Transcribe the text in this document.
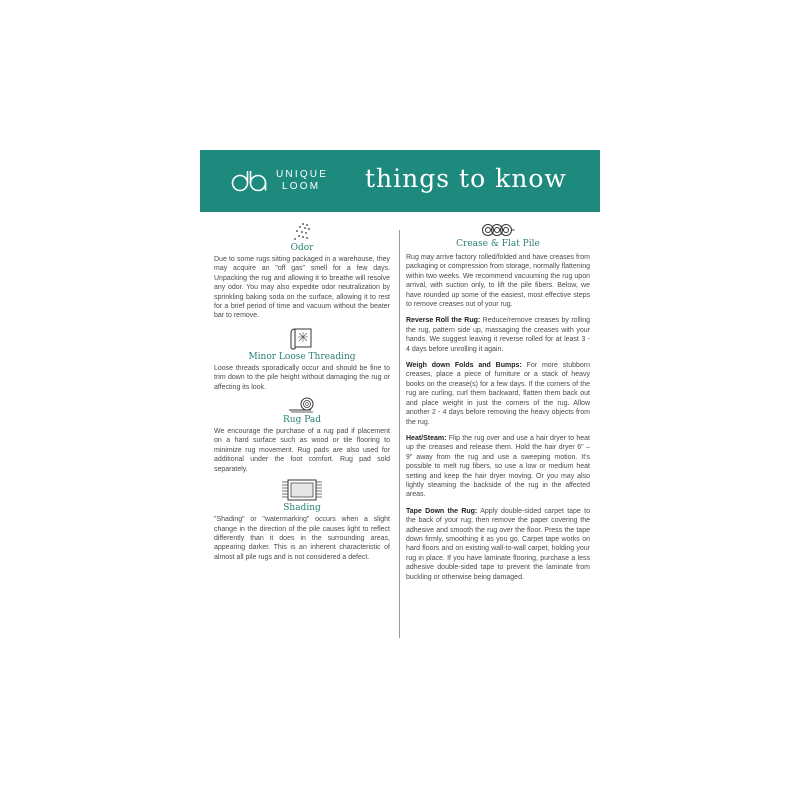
UNIQUE
LOOM	things to know
Odor

Due to some rugs sitting packaged in a warehouse, they may acquire an "off gas" smell for a few days. Unpacking the rug and allowing it to breathe will resolve any odor. You may also expedite odor neutralization by sprinkling baking soda on the surface, allowing it to rest for a brief period of time and vacuum without the beater bar to remove.

Minor Loose Threading

Loose threads sporadically occur and should be fine to trim down to the pile height without damaging the rug or affecting its look.

Rug Pad

We encourage the purchase of a rug pad if placement on a hard surface such as wood or tile flooring to minimize rug movement. Rug pads are also used for additional under the foot comfort. Rug pad sold separately.

Shading

"Shading" or "watermarking" occurs when a slight change in the direction of the pile causes light to reflect differently than it does in the surrounding areas, appearing darker. This is an inherent characteristic of almost all pile rugs and is not considered a defect.

Crease & Flat Pile

Rug may arrive factory rolled/folded and have creases from packaging or compression from storage, normally flattening within two weeks. We recommend vacuuming the rug upon arrival, with suction only, to lift the pile fibers. Below, we have rounded up some of the easiest, most effective steps to remove creases out of your rug.

Reverse Roll the Rug: Reduce/remove creases by rolling the rug, pattern side up, massaging the creases with your hands. We suggest leaving it reverse rolled for at least 3 - 4 days before unrolling it again.

Weigh down Folds and Bumps: For more stubborn creases, place a piece of furniture or a stack of heavy books on the crease(s) for a few days. If the corners of the rug are curling, curl them backward, flatten them back out and place weight in just the corners of the rug. Allow another 2 - 4 days before removing the heavy objects from the rug.

Heat/Steam: Flip the rug over and use a hair dryer to heat up the creases and release them. Hold the hair dryer 6" – 9" away from the rug and use a sweeping motion. It's possible to melt rug fibers, so use a low or medium heat setting and keep the hair dryer moving. Or you may also lightly steaming the backside of the rug in the affected areas.

Tape Down the Rug: Apply double-sided carpet tape to the back of your rug; then remove the paper covering the adhesive and smooth the rug over the floor. Press the tape down firmly, smoothing it as you go. Carpet tape works on hard floors and on existing wall-to-wall carpet, holding your rug in place. If you have laminate flooring, purchase a less adhesive double-sided tape to prevent the laminate from buckling or otherwise being damaged.
